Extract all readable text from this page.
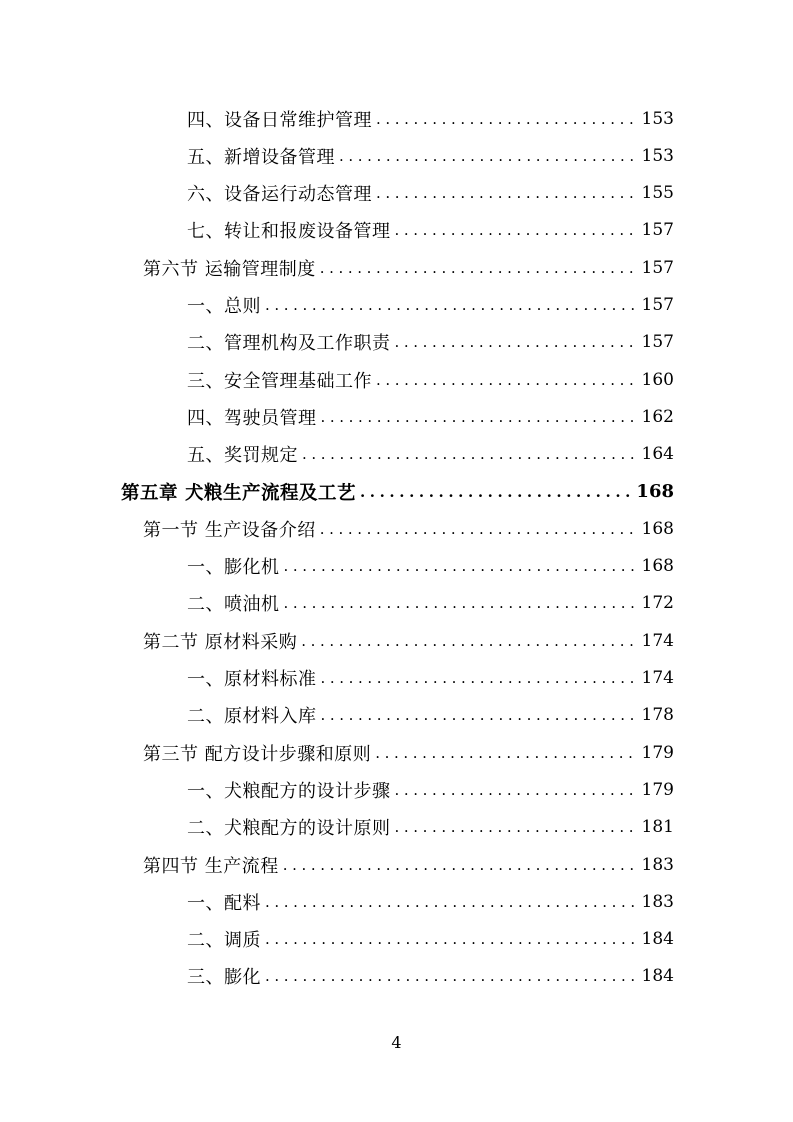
四、设备日常维护管理 .....	153
五、新增设备管理 .....	153
六、设备运行动态管理 .....	155
七、转让和报废设备管理 .....	157
第六节 运输管理制度 .....	157
一、总则 .....	157
二、管理机构及工作职责 .....	157
三、安全管理基础工作 .....	160
四、驾驶员管理 .....	162
五、奖罚规定 .....	164
第五章 犬粮生产流程及工艺 .....	168
第一节 生产设备介绍 .....	168
一、膨化机 .....	168
二、喷油机 .....	172
第二节 原材料采购 .....	174
一、原材料标准 .....	174
二、原材料入库 .....	178
第三节 配方设计步骤和原则 .....	179
一、犬粮配方的设计步骤 .....	179
二、犬粮配方的设计原则 .....	181
第四节 生产流程 .....	183
一、配料 .....	183
二、调质 .....	184
三、膨化 .....	184
4
